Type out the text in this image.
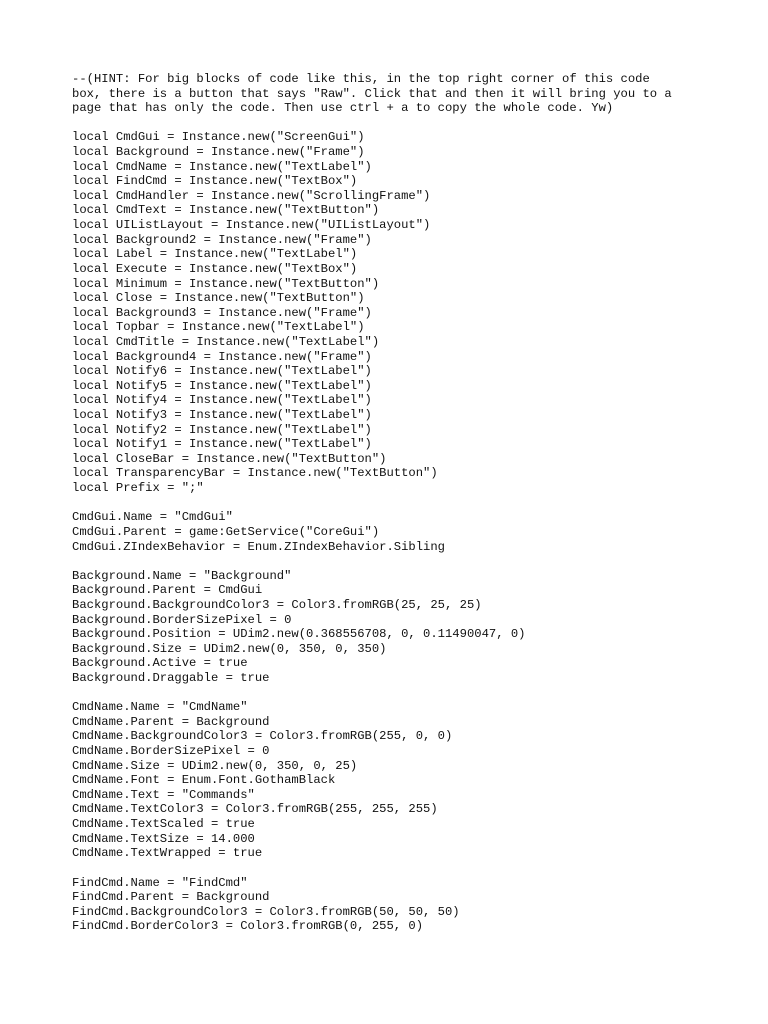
--(HINT: For big blocks of code like this, in the top right corner of this code
box, there is a button that says "Raw". Click that and then it will bring you to a
page that has only the code. Then use ctrl + a to copy the whole code. Yw)
local CmdGui = Instance.new("ScreenGui")
local Background = Instance.new("Frame")
local CmdName = Instance.new("TextLabel")
local FindCmd = Instance.new("TextBox")
local CmdHandler = Instance.new("ScrollingFrame")
local CmdText = Instance.new("TextButton")
local UIListLayout = Instance.new("UIListLayout")
local Background2 = Instance.new("Frame")
local Label = Instance.new("TextLabel")
local Execute = Instance.new("TextBox")
local Minimum = Instance.new("TextButton")
local Close = Instance.new("TextButton")
local Background3 = Instance.new("Frame")
local Topbar = Instance.new("TextLabel")
local CmdTitle = Instance.new("TextLabel")
local Background4 = Instance.new("Frame")
local Notify6 = Instance.new("TextLabel")
local Notify5 = Instance.new("TextLabel")
local Notify4 = Instance.new("TextLabel")
local Notify3 = Instance.new("TextLabel")
local Notify2 = Instance.new("TextLabel")
local Notify1 = Instance.new("TextLabel")
local CloseBar = Instance.new("TextButton")
local TransparencyBar = Instance.new("TextButton")
local Prefix = ";"
CmdGui.Name = "CmdGui"
CmdGui.Parent = game:GetService("CoreGui")
CmdGui.ZIndexBehavior = Enum.ZIndexBehavior.Sibling
Background.Name = "Background"
Background.Parent = CmdGui
Background.BackgroundColor3 = Color3.fromRGB(25, 25, 25)
Background.BorderSizePixel = 0
Background.Position = UDim2.new(0.368556708, 0, 0.11490047, 0)
Background.Size = UDim2.new(0, 350, 0, 350)
Background.Active = true
Background.Draggable = true
CmdName.Name = "CmdName"
CmdName.Parent = Background
CmdName.BackgroundColor3 = Color3.fromRGB(255, 0, 0)
CmdName.BorderSizePixel = 0
CmdName.Size = UDim2.new(0, 350, 0, 25)
CmdName.Font = Enum.Font.GothamBlack
CmdName.Text = "Commands"
CmdName.TextColor3 = Color3.fromRGB(255, 255, 255)
CmdName.TextScaled = true
CmdName.TextSize = 14.000
CmdName.TextWrapped = true
FindCmd.Name = "FindCmd"
FindCmd.Parent = Background
FindCmd.BackgroundColor3 = Color3.fromRGB(50, 50, 50)
FindCmd.BorderColor3 = Color3.fromRGB(0, 255, 0)
